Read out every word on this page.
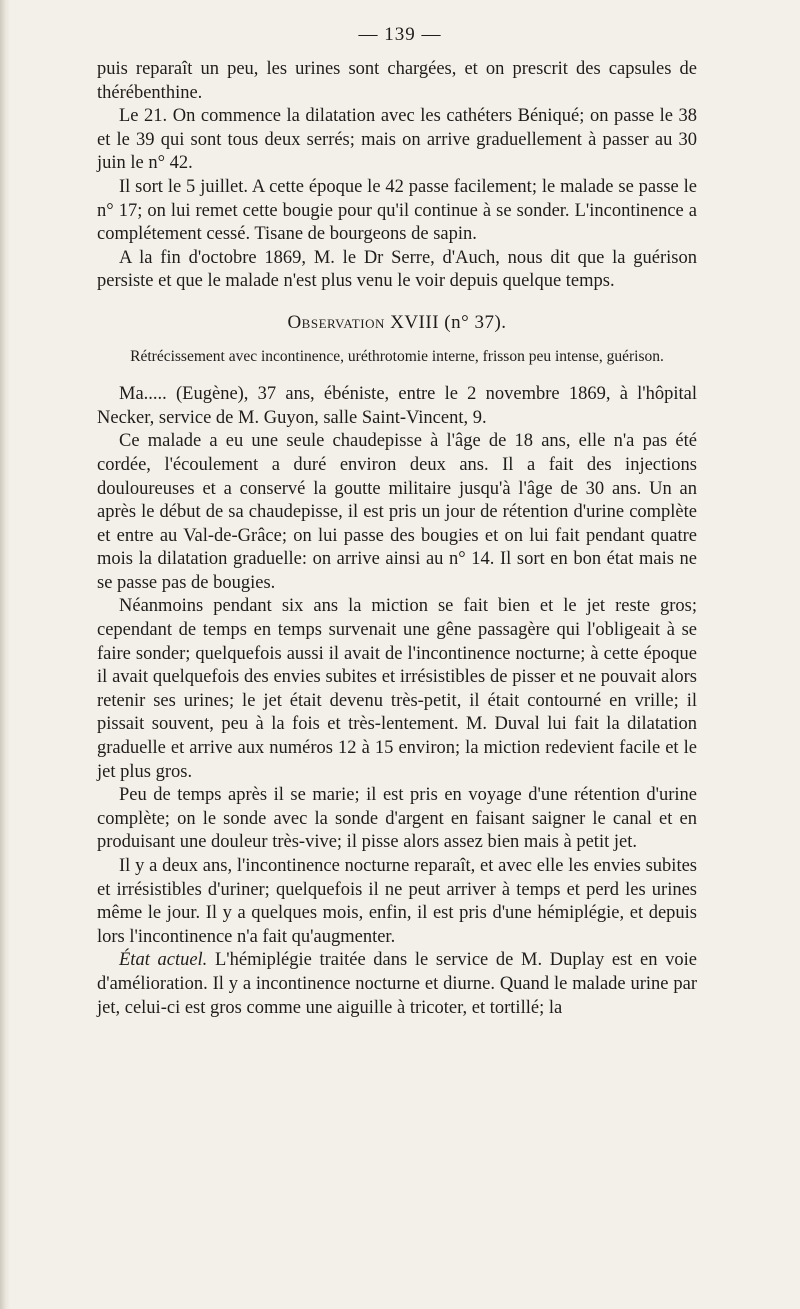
— 139 —

puis reparaît un peu, les urines sont chargées, et on prescrit des capsules de thérébenthine.

Le 21. On commence la dilatation avec les cathéters Béniqué; on passe le 38 et le 39 qui sont tous deux serrés; mais on arrive graduellement à passer au 30 juin le n° 42.

Il sort le 5 juillet. A cette époque le 42 passe facilement; le malade se passe le n° 17; on lui remet cette bougie pour qu'il continue à se sonder. L'incontinence a complétement cessé. Tisane de bourgeons de sapin.

A la fin d'octobre 1869, M. le Dr Serre, d'Auch, nous dit que la guérison persiste et que le malade n'est plus venu le voir depuis quelque temps.

Observation XVIII (n° 37).
Rétrécissement avec incontinence, uréthrotomie interne, frisson peu intense, guérison.

Ma..... (Eugène), 37 ans, ébéniste, entre le 2 novembre 1869, à l'hôpital Necker, service de M. Guyon, salle Saint-Vincent, 9.

Ce malade a eu une seule chaudepisse à l'âge de 18 ans, elle n'a pas été cordée, l'écoulement a duré environ deux ans. Il a fait des injections douloureuses et a conservé la goutte militaire jusqu'à l'âge de 30 ans. Un an après le début de sa chaudepisse, il est pris un jour de rétention d'urine complète et entre au Val-de-Grâce; on lui passe des bougies et on lui fait pendant quatre mois la dilatation graduelle: on arrive ainsi au n° 14. Il sort en bon état mais ne se passe pas de bougies.

Néanmoins pendant six ans la miction se fait bien et le jet reste gros; cependant de temps en temps survenait une gêne passagère qui l'obligeait à se faire sonder; quelquefois aussi il avait de l'incontinence nocturne; à cette époque il avait quelquefois des envies subites et irrésistibles de pisser et ne pouvait alors retenir ses urines; le jet était devenu très-petit, il était contourné en vrille; il pissait souvent, peu à la fois et très-lentement. M. Duval lui fait la dilatation graduelle et arrive aux numéros 12 à 15 environ; la miction redevient facile et le jet plus gros.

Peu de temps après il se marie; il est pris en voyage d'une rétention d'urine complète; on le sonde avec la sonde d'argent en faisant saigner le canal et en produisant une douleur très-vive; il pisse alors assez bien mais à petit jet.

Il y a deux ans, l'incontinence nocturne reparaît, et avec elle les envies subites et irrésistibles d'uriner; quelquefois il ne peut arriver à temps et perd les urines même le jour. Il y a quelques mois, enfin, il est pris d'une hémiplégie, et depuis lors l'incontinence n'a fait qu'augmenter.

État actuel. L'hémiplégie traitée dans le service de M. Duplay est en voie d'amélioration. Il y a incontinence nocturne et diurne. Quand le malade urine par jet, celui-ci est gros comme une aiguille à tricoter, et tortillé; la
